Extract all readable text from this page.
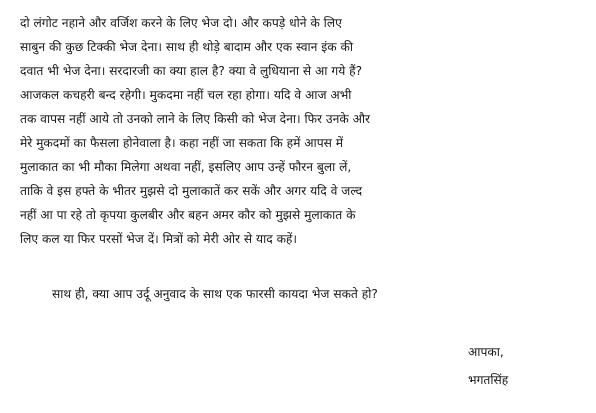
दो लंगोट नहाने और वर्जिश करने के लिए भेज दो। और कपड़े धोने के लिए
साबुन की कुछ टिक्की भेज देना। साथ ही थोड़े बादाम और एक स्वान इंक की
दवात भी भेज देना। सरदारजी का क्या हाल है? क्या वे लुधियाना से आ गये हैं?
आजकल कचहरी बन्द रहेगी। मुकदमा नहीं चल रहा होगा। यदि वे आज अभी
तक वापस नहीं आये तो उनको लाने के लिए किसी को भेज देना। फिर उनके और
मेरे मुकदमों का फैसला होनेवाला है। कहा नहीं जा सकता कि हमें आपस में
मुलाकात का भी मौका मिलेगा अथवा नहीं, इसलिए आप उन्हें फौरन बुला लें,
ताकि वे इस हफ्ते के भीतर मुझसे दो मुलाकातें कर सकें और अगर यदि वे जल्द
नहीं आ पा रहे तो कृपया कुलबीर और बहन अमर कौर को मुझसे मुलाकात के
लिए कल या फिर परसों भेज दें। मित्रों को मेरी ओर से याद कहें।
साथ ही, क्या आप उर्दू अनुवाद के साथ एक फारसी कायदा भेज सकते हो?
आपका,
भगतसिंह
